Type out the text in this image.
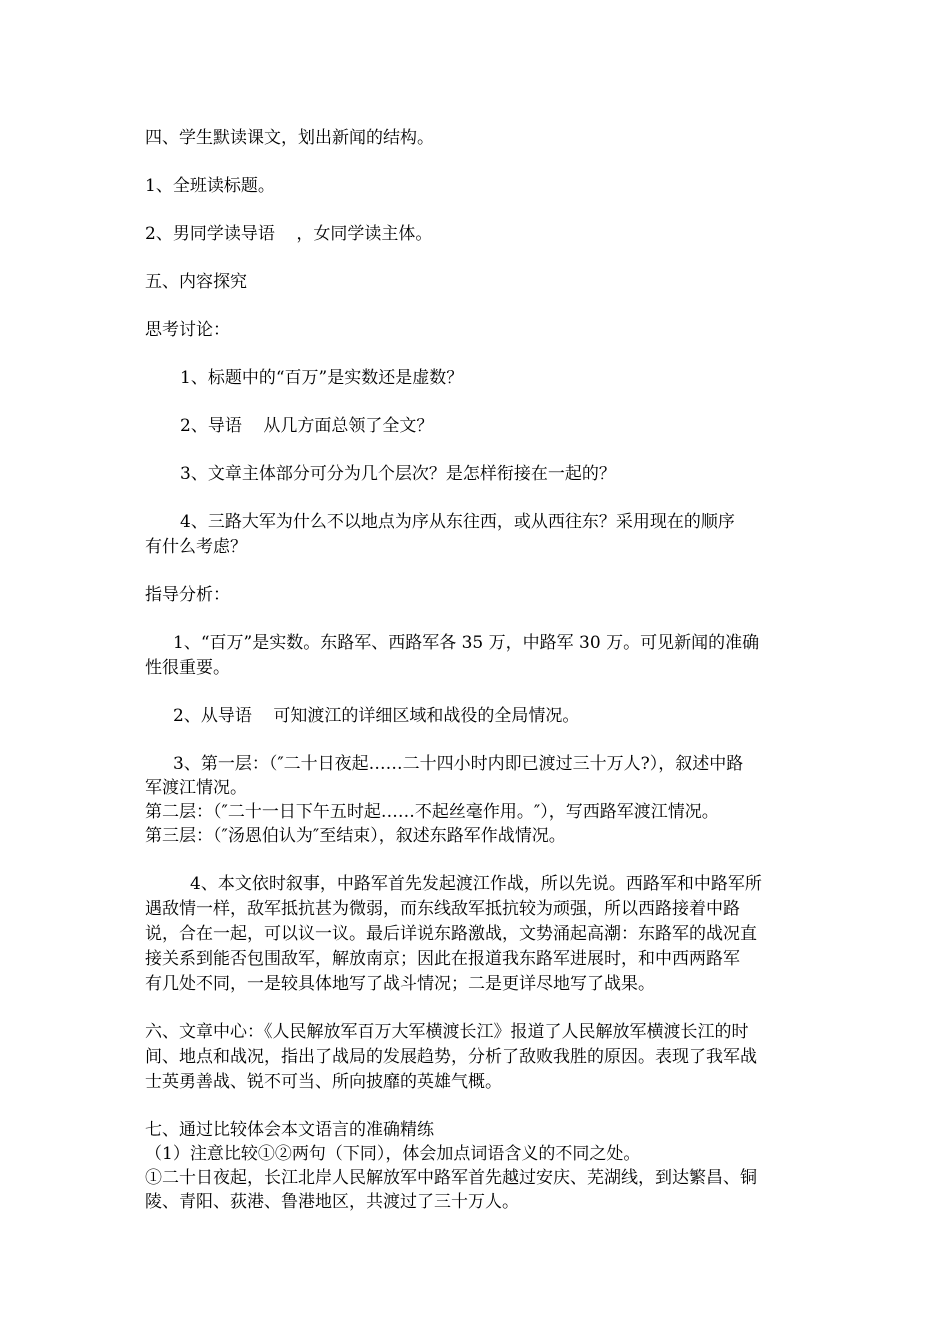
四、学生默读课文，划出新闻的结构。
1、全班读标题。
2、男同学读导语    ，女同学读主体。
五、内容探究
思考讨论：
1、标题中的“百万”是实数还是虚数？
2、导语    从几方面总领了全文？
3、文章主体部分可分为几个层次？是怎样衔接在一起的？
4、三路大军为什么不以地点为序从东往西，或从西往东？采用现在的顺序
有什么考虑？
指导分析：
1、“百万”是实数。东路军、西路军各 35 万，中路军 30 万。可见新闻的准确
性很重要。
2、从导语    可知渡江的详细区域和战役的全局情况。
3、第一层：（″二十日夜起……二十四小时内即已渡过三十万人?），叙述中路
军渡江情况。
第二层：（″二十一日下午五时起……不起丝毫作用。″），写西路军渡江情况。
第三层：（″汤恩伯认为″至结束），叙述东路军作战情况。
4、本文依时叙事，中路军首先发起渡江作战，所以先说。西路军和中路军所
遇敌情一样，敌军抵抗甚为微弱，而东线敌军抵抗较为顽强，所以西路接着中路
说，合在一起，可以议一议。最后详说东路激战，文势涌起高潮：东路军的战况直
接关系到能否包围敌军，解放南京；因此在报道我东路军进展时，和中西两路军
有几处不同，一是较具体地写了战斗情况；二是更详尽地写了战果。
六、文章中心：《人民解放军百万大军横渡长江》报道了人民解放军横渡长江的时
间、地点和战况，指出了战局的发展趋势，分析了敌败我胜的原因。表现了我军战
士英勇善战、锐不可当、所向披靡的英雄气概。
七、通过比较体会本文语言的准确精练
（1）注意比较①②两句（下同），体会加点词语含义的不同之处。
①二十日夜起，长江北岸人民解放军中路军首先越过安庆、芜湖线，到达繁昌、铜
陵、青阳、荻港、鲁港地区，共渡过了三十万人。
